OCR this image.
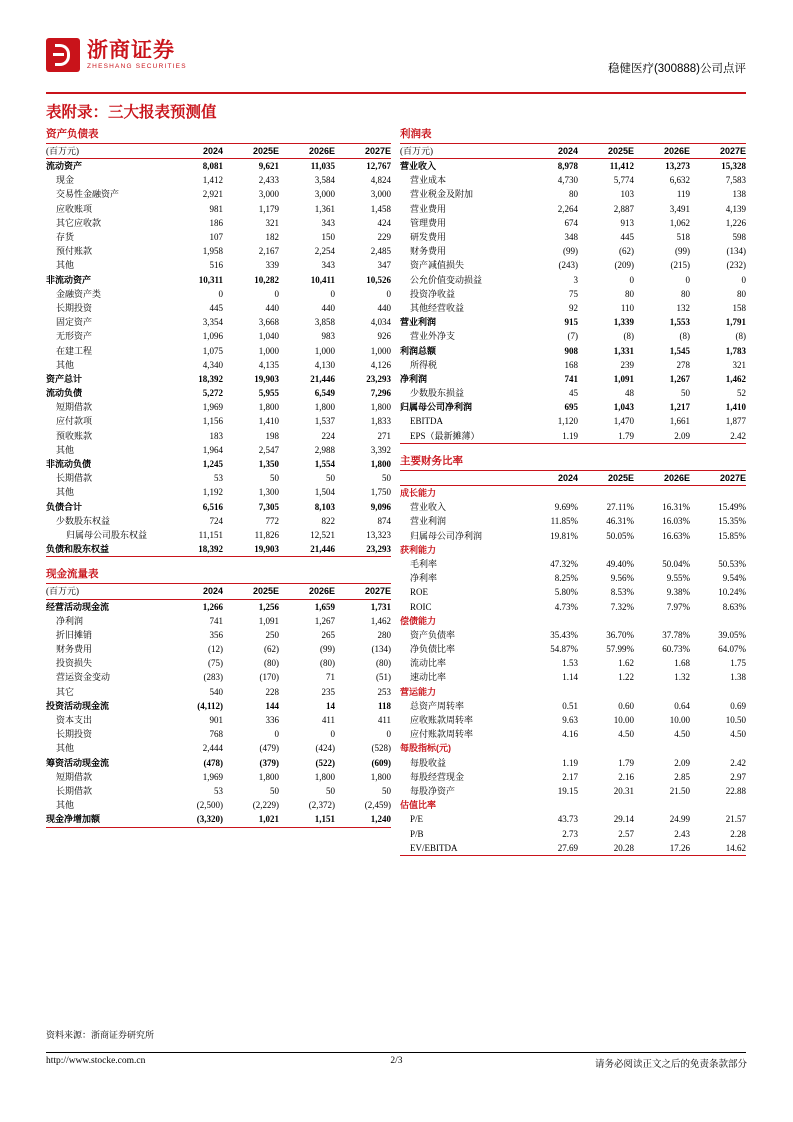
浙商证券
ZHESHANG SECURITIES	稳健医疗(300888)公司点评
表附录：三大报表预测值
资产负债表
(百万元)	2024	2025E	2026E	2027E
流动资产	8,081	9,621	11,035	12,767
现金	1,412	2,433	3,584	4,824
交易性金融资产	2,921	3,000	3,000	3,000
应收账项	981	1,179	1,361	1,458
其它应收款	186	321	343	424
存货	107	182	150	229
预付账款	1,958	2,167	2,254	2,485
其他	516	339	343	347
非流动资产	10,311	10,282	10,411	10,526
金融资产类	0	0	0	0
长期投资	445	440	440	440
固定资产	3,354	3,668	3,858	4,034
无形资产	1,096	1,040	983	926
在建工程	1,075	1,000	1,000	1,000
其他	4,340	4,135	4,130	4,126
资产总计	18,392	19,903	21,446	23,293
流动负债	5,272	5,955	6,549	7,296
短期借款	1,969	1,800	1,800	1,800
应付款项	1,156	1,410	1,537	1,833
预收账款	183	198	224	271
其他	1,964	2,547	2,988	3,392
非流动负债	1,245	1,350	1,554	1,800
长期借款	53	50	50	50
其他	1,192	1,300	1,504	1,750
负债合计	6,516	7,305	8,103	9,096
少数股东权益	724	772	822	874
归属母公司股东权益	11,151	11,826	12,521	13,323
负债和股东权益	18,392	19,903	21,446	23,293
现金流量表
(百万元)	2024	2025E	2026E	2027E
经营活动现金流	1,266	1,256	1,659	1,731
净利润	741	1,091	1,267	1,462
折旧摊销	356	250	265	280
财务费用	(12)	(62)	(99)	(134)
投资损失	(75)	(80)	(80)	(80)
营运资金变动	(283)	(170)	71	(51)
其它	540	228	235	253
投资活动现金流	(4,112)	144	14	118
资本支出	901	336	411	411
长期投资	768	0	0	0
其他	2,444	(479)	(424)	(528)
筹资活动现金流	(478)	(379)	(522)	(609)
短期借款	1,969	1,800	1,800	1,800
长期借款	53	50	50	50
其他	(2,500)	(2,229)	(2,372)	(2,459)
现金净增加额	(3,320)	1,021	1,151	1,240
利润表
(百万元)	2024	2025E	2026E	2027E
营业收入	8,978	11,412	13,273	15,328
营业成本	4,730	5,774	6,632	7,583
营业税金及附加	80	103	119	138
营业费用	2,264	2,887	3,491	4,139
管理费用	674	913	1,062	1,226
研发费用	348	445	518	598
财务费用	(99)	(62)	(99)	(134)
资产减值损失	(243)	(209)	(215)	(232)
公允价值变动损益	3	0	0	0
投资净收益	75	80	80	80
其他经营收益	92	110	132	158
营业利润	915	1,339	1,553	1,791
营业外净支	(7)	(8)	(8)	(8)
利润总额	908	1,331	1,545	1,783
所得税	168	239	278	321
净利润	741	1,091	1,267	1,462
少数股东损益	45	48	50	52
归属母公司净利润	695	1,043	1,217	1,410
EBITDA	1,120	1,470	1,661	1,877
EPS（最新摊薄）	1.19	1.79	2.09	2.42
主要财务比率
	2024	2025E	2026E	2027E
成长能力				
营业收入	9.69%	27.11%	16.31%	15.49%
营业利润	11.85%	46.31%	16.03%	15.35%
归属母公司净利润	19.81%	50.05%	16.63%	15.85%
获利能力				
毛利率	47.32%	49.40%	50.04%	50.53%
净利率	8.25%	9.56%	9.55%	9.54%
ROE	5.80%	8.53%	9.38%	10.24%
ROIC	4.73%	7.32%	7.97%	8.63%
偿债能力				
资产负债率	35.43%	36.70%	37.78%	39.05%
净负债比率	54.87%	57.99%	60.73%	64.07%
流动比率	1.53	1.62	1.68	1.75
速动比率	1.14	1.22	1.32	1.38
营运能力				
总资产周转率	0.51	0.60	0.64	0.69
应收账款周转率	9.63	10.00	10.00	10.50
应付账款周转率	4.16	4.50	4.50	4.50
每股指标(元)				
每股收益	1.19	1.79	2.09	2.42
每股经营现金	2.17	2.16	2.85	2.97
每股净资产	19.15	20.31	21.50	22.88
估值比率				
P/E	43.73	29.14	24.99	21.57
P/B	2.73	2.57	2.43	2.28
EV/EBITDA	27.69	20.28	17.26	14.62
资料来源：浙商证券研究所
http://www.stocke.com.cn	2/3	请务必阅读正文之后的免责条款部分
